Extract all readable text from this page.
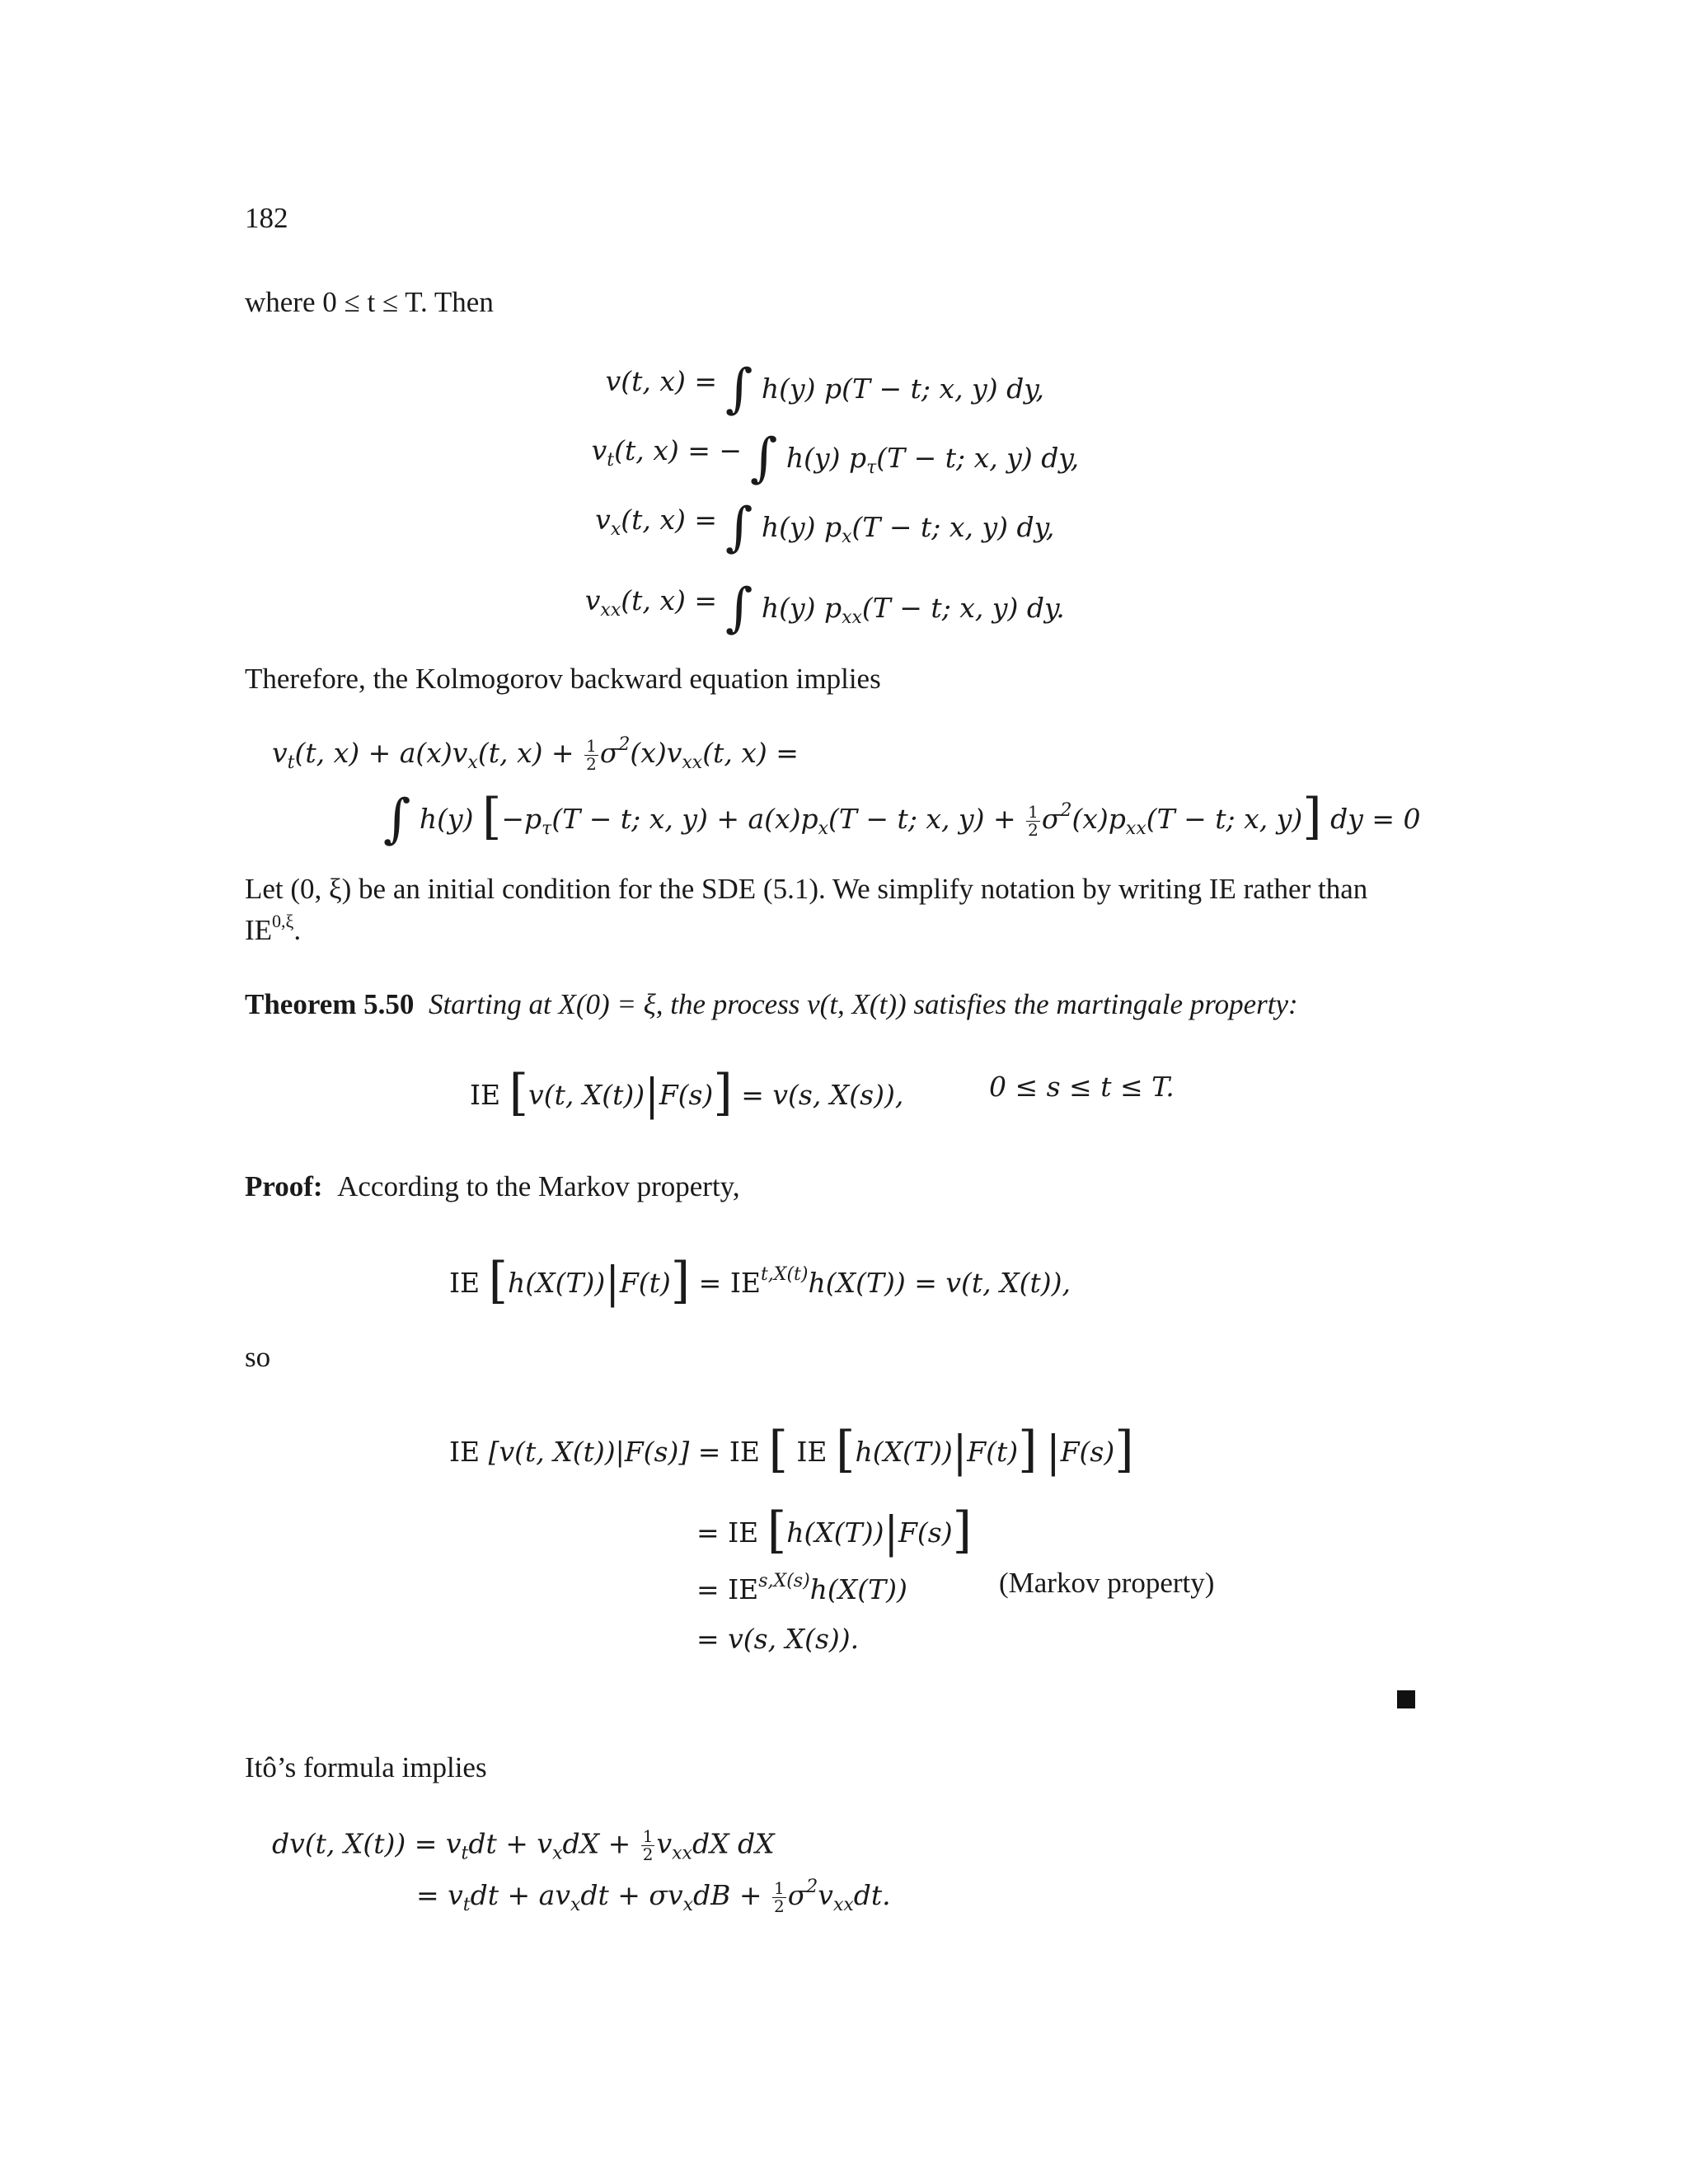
182
where 0 ≤ t ≤ T. Then
v(t, x) = ∫ h(y) p(T − t; x, y) dy,
$v_t(t$, x) = − ∫ h(y) $p_\tau(T - t$; x, y) dy,
$v_x(t$, x) = ∫ h(y) $p_x(T - t$; x, y) dy,
$v_{xx}(t$, x) = ∫ h(y) $p_{xx}(T - t$; x, y) dy.
Therefore, the Kolmogorov backward equation implies
$v_t(t$, $x) + a(x)v_x(t$, $x) + \frac{1}{2} \sigma^2(x)v_{xx}(t$, x) =
∫ h(y) [$-p_\tau(T - t$; x, $y) + a(x)p_x(T - t$; x, $y) + \frac{1}{2} \sigma^2(x)p_{xx}(T - t$; x, y)] dy = 0
Let (0, ξ) be an initial condition for the SDE (5.1). We simplify notation by writing IE rather than
$IE^{0,\xi}$.
Theorem 5.50 Starting at X(0) = ξ, the process v(t, X(t)) satisfies the martingale property:
IE [v(t, X(t))|F(s)] = v(s, X(s)),	0 ≤ s ≤ t ≤ T.
Proof: According to the Markov property,
IE $[h(X(T))|F(t)] = IE^{t,X(t)}h(X(T)) = v(t$, X(t)),
so
IE [v(t, X(t))|F(s)] = IE [ IE [h(X(T))|F(t)] |F(s)]
= IE [h(X(T))|F(s)]
= $IE^{s,X(s)}h(X(T))$	(Markov property)
= v(s, X(s)).
Itô’s formula implies
dv(t, $X(t)) = v_tdt + v_xdX + \frac{1}{2} v_{xx}dX$ dX
= $v_tdt + av_xdt + \sigma v_xdB + \frac{1}{2} \sigma^2v_{xx}dt$.
